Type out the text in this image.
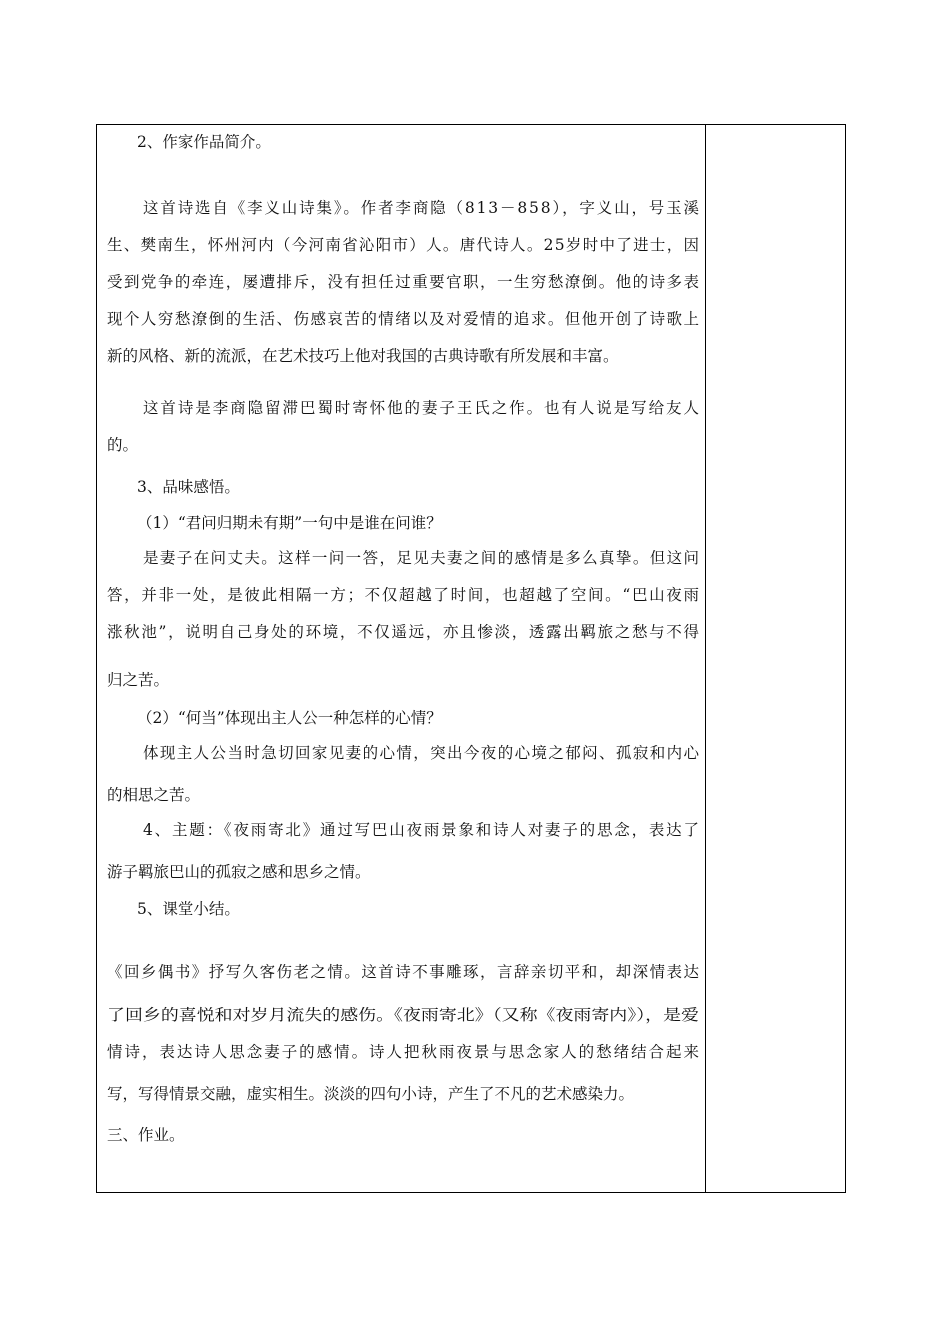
2、作家作品简介。
这首诗选自《李义山诗集》。作者李商隐（813－858），字义山，号玉溪
生、樊南生，怀州河内（今河南省沁阳市）人。唐代诗人。25岁时中了进士，因
受到党争的牵连，屡遭排斥，没有担任过重要官职，一生穷愁潦倒。他的诗多表
现个人穷愁潦倒的生活、伤感哀苦的情绪以及对爱情的追求。但他开创了诗歌上
新的风格、新的流派，在艺术技巧上他对我国的古典诗歌有所发展和丰富。
这首诗是李商隐留滞巴蜀时寄怀他的妻子王氏之作。也有人说是写给友人
的。
3、品味感悟。
（1）“君问归期未有期”一句中是谁在问谁？
是妻子在问丈夫。这样一问一答，足见夫妻之间的感情是多么真挚。但这问
答，并非一处，是彼此相隔一方；不仅超越了时间，也超越了空间。“巴山夜雨
涨秋池”，说明自己身处的环境，不仅遥远，亦且惨淡，透露出羁旅之愁与不得
归之苦。
（2）“何当”体现出主人公一种怎样的心情？
体现主人公当时急切回家见妻的心情，突出今夜的心境之郁闷、孤寂和内心
的相思之苦。
4、主题：《夜雨寄北》通过写巴山夜雨景象和诗人对妻子的思念，表达了
游子羁旅巴山的孤寂之感和思乡之情。
5、课堂小结。
《回乡偶书》抒写久客伤老之情。这首诗不事雕琢，言辞亲切平和，却深情表达
了回乡的喜悦和对岁月流失的感伤。《夜雨寄北》（又称《夜雨寄内》），是爱
情诗，表达诗人思念妻子的感情。诗人把秋雨夜景与思念家人的愁绪结合起来
写，写得情景交融，虚实相生。淡淡的四句小诗，产生了不凡的艺术感染力。
三、作业。
